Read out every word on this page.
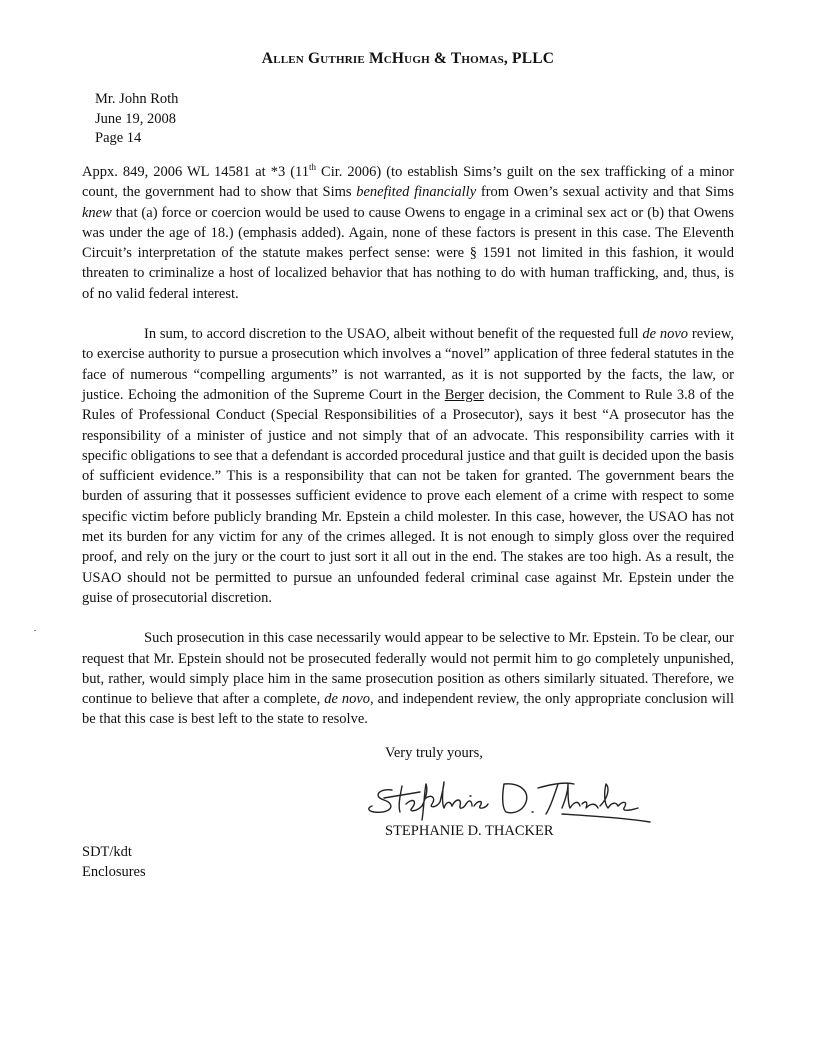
Allen Guthrie McHugh & Thomas, PLLC
Mr. John Roth
June 19, 2008
Page 14

Appx. 849, 2006 WL 14581 at *3 (11th Cir. 2006) (to establish Sims’s guilt on the sex trafficking of a minor count, the government had to show that Sims benefited financially from Owen’s sexual activity and that Sims knew that (a) force or coercion would be used to cause Owens to engage in a criminal sex act or (b) that Owens was under the age of 18.) (emphasis added). Again, none of these factors is present in this case. The Eleventh Circuit’s interpretation of the statute makes perfect sense: were § 1591 not limited in this fashion, it would threaten to criminalize a host of localized behavior that has nothing to do with human trafficking, and, thus, is of no valid federal interest.

In sum, to accord discretion to the USAO, albeit without benefit of the requested full de novo review, to exercise authority to pursue a prosecution which involves a “novel” application of three federal statutes in the face of numerous “compelling arguments” is not warranted, as it is not supported by the facts, the law, or justice. Echoing the admonition of the Supreme Court in the Berger decision, the Comment to Rule 3.8 of the Rules of Professional Conduct (Special Responsibilities of a Prosecutor), says it best “A prosecutor has the responsibility of a minister of justice and not simply that of an advocate. This responsibility carries with it specific obligations to see that a defendant is accorded procedural justice and that guilt is decided upon the basis of sufficient evidence.” This is a responsibility that can not be taken for granted. The government bears the burden of assuring that it possesses sufficient evidence to prove each element of a crime with respect to some specific victim before publicly branding Mr. Epstein a child molester. In this case, however, the USAO has not met its burden for any victim for any of the crimes alleged. It is not enough to simply gloss over the required proof, and rely on the jury or the court to just sort it all out in the end. The stakes are too high. As a result, the USAO should not be permitted to pursue an unfounded federal criminal case against Mr. Epstein under the guise of prosecutorial discretion.

Such prosecution in this case necessarily would appear to be selective to Mr. Epstein. To be clear, our request that Mr. Epstein should not be prosecuted federally would not permit him to go completely unpunished, but, rather, would simply place him in the same prosecution position as others similarly situated. Therefore, we continue to believe that after a complete, de novo, and independent review, the only appropriate conclusion will be that this case is best left to the state to resolve.

Very truly yours,
STEPHANIE D. THACKER
SDT/kdt
Enclosures
